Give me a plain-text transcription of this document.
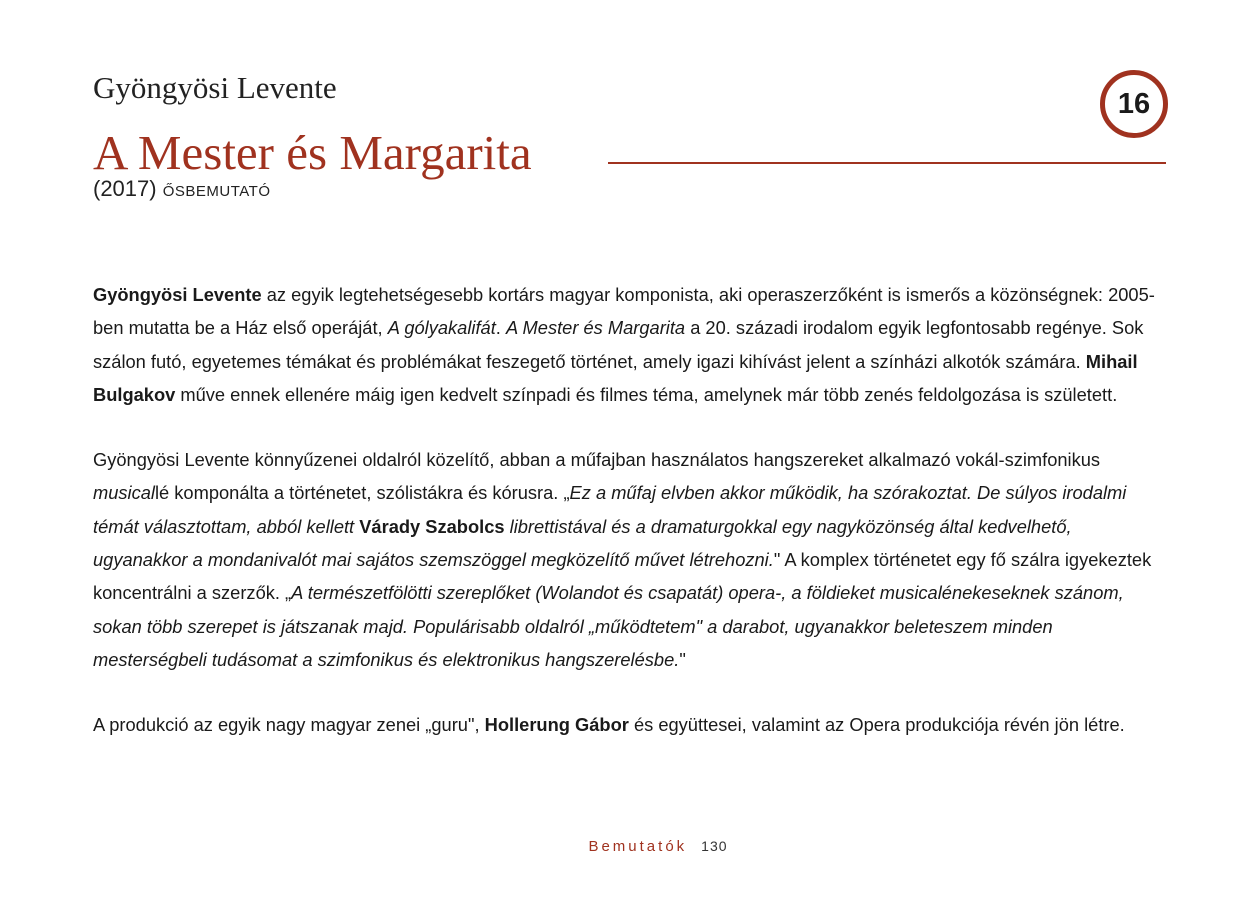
Gyöngyösi Levente
A Mester és Margarita
(2017) ŐSBEMUTATÓ
16

Gyöngyösi Levente az egyik legtehetségesebb kortárs magyar komponista, aki operaszerzőként is ismerős a közönségnek: 2005-ben mutatta be a Ház első operáját, A gólyakalifát. A Mester és Margarita a 20. századi irodalom egyik legfontosabb regénye. Sok szálon futó, egyetemes témákat és problémákat feszegető történet, amely igazi kihívást jelent a színházi alkotók számára. Mihail Bulgakov műve ennek ellenére máig igen kedvelt színpadi és filmes téma, amelynek már több zenés feldolgozása is született.

Gyöngyösi Levente könnyűzenei oldalról közelítő, abban a műfajban használatos hangszereket alkalmazó vokál-szimfonikus musicallé komponálta a történetet, szólistákra és kórusra. „Ez a műfaj elvben akkor működik, ha szórakoztat. De súlyos irodalmi témát választottam, abból kellett Várady Szabolcs librettistával és a dramaturgokkal egy nagyközönség által kedvelhető, ugyanakkor a mondanivalót mai sajátos szemszöggel megközelítő művet létrehozni." A komplex történetet egy fő szálra igyekeztek koncentrálni a szerzők. „A természetfölötti szereplőket (Wolandot és csapatát) opera-, a földieket musicalénekeseknek szánom, sokan több szerepet is játszanak majd. Populárisabb oldalról „működtetem" a darabot, ugyanakkor beleteszem minden mesterségbeli tudásomat a szimfonikus és elektronikus hangszerelésbe."

A produkció az egyik nagy magyar zenei „guru", Hollerung Gábor és együttesei, valamint az Opera produkciója révén jön létre.

Bemutatók 130
